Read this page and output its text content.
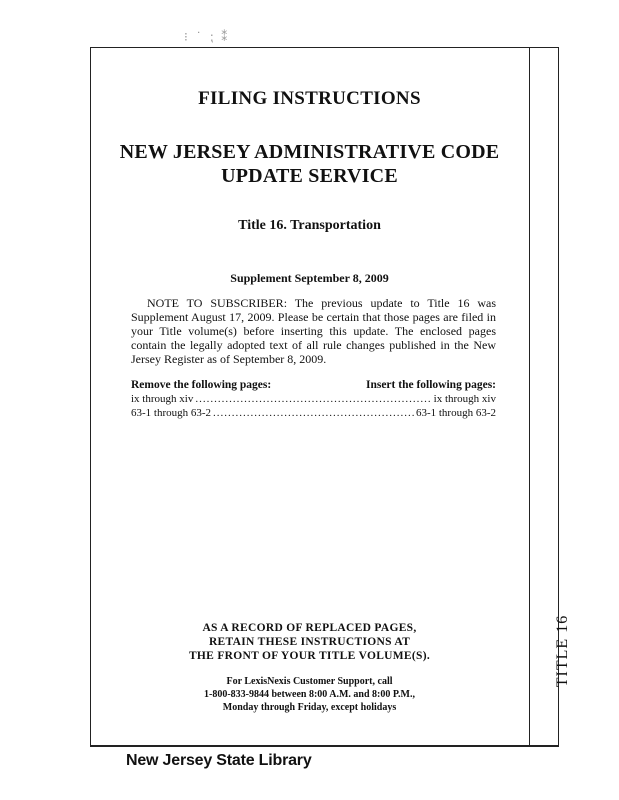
⁝ ˙ ⁏ ⁑
FILING INSTRUCTIONS
NEW JERSEY ADMINISTRATIVE CODE
UPDATE SERVICE
Title 16. Transportation
Supplement September 8, 2009
NOTE TO SUBSCRIBER: The previous update to Title 16 was Supplement August 17, 2009. Please be certain that those pages are filed in your Title volume(s) before inserting this update. The enclosed pages contain the legally adopted text of all rule changes published in the New Jersey Register as of September 8, 2009.
Remove the following pages:	Insert the following pages:
ix through xiv .....	ix through xiv
63-1 through 63-2 .....	63-1 through 63-2
AS A RECORD OF REPLACED PAGES,
RETAIN THESE INSTRUCTIONS AT
THE FRONT OF YOUR TITLE VOLUME(S).
For LexisNexis Customer Support, call
1-800-833-9844 between 8:00 A.M. and 8:00 P.M.,
Monday through Friday, except holidays
TITLE 16
New Jersey State Library
